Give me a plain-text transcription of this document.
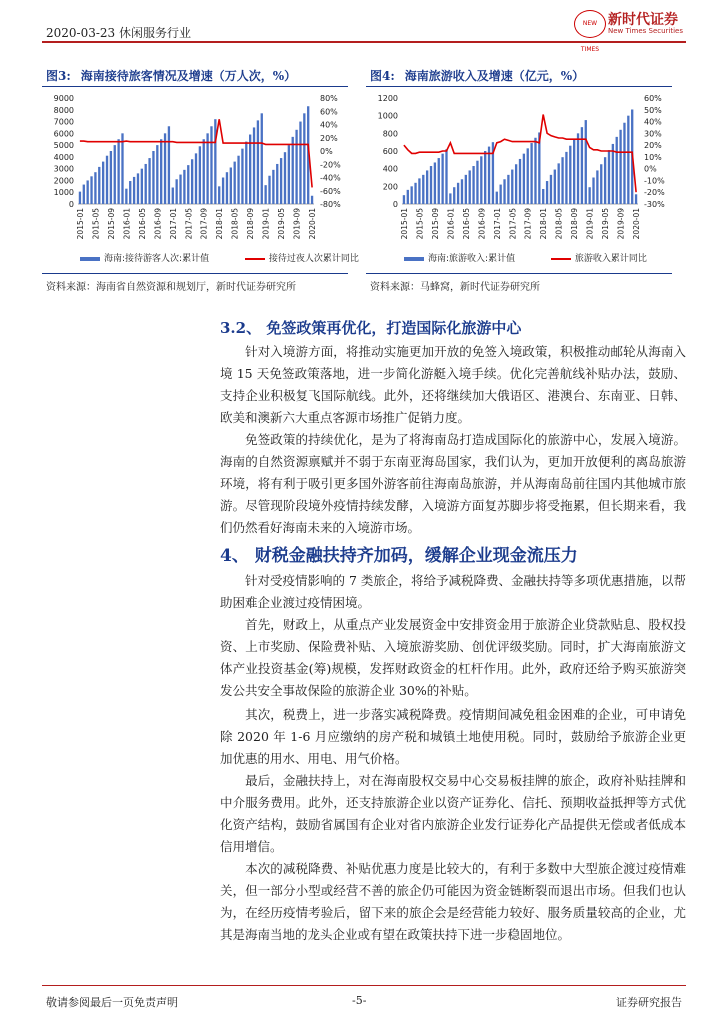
2020-03-23 休闲服务行业
NEW TIMES
新时代证券
New Times Securities
图3: 海南接待旅客情况及增速（万人次，%）
9000
8000
7000
6000
5000
4000
3000
2000
1000
0
80%
60%
40%
20%
0%
-20%
-40%
-60%
-80%
2015-01 2015-05 2015-09 2016-01 2016-05 2016-09 2017-01 2017-05 2017-09 2018-01 2018-05 2018-09 2019-01 2019-05 2019-09 2020-01
海南:接待游客人次:累计值	接待过夜人次累计同比
资料来源：海南省自然资源和规划厅，新时代证券研究所
图4: 海南旅游收入及增速（亿元，%）
1200
1000
800
600
400
200
0
60%
50%
40%
30%
20%
10%
0%
-10%
-20%
-30%
2015-01 2015-05 2015-09 2016-01 2016-05 2016-09 2017-01 2017-05 2017-09 2018-01 2018-05 2018-09 2019-01 2019-05 2019-09 2020-01
海南:旅游收入:累计值	旅游收入累计同比
资料来源：马蜂窝，新时代证券研究所
3.2、 免签政策再优化，打造国际化旅游中心
针对入境游方面，将推动实施更加开放的免签入境政策，积极推动邮轮从海南入境 15 天免签政策落地，进一步简化游艇入境手续。优化完善航线补贴办法，鼓励、支持企业积极复飞国际航线。此外，还将继续加大俄语区、港澳台、东南亚、日韩、欧美和澳新六大重点客源市场推广促销力度。
免签政策的持续优化，是为了将海南岛打造成国际化的旅游中心，发展入境游。海南的自然资源禀赋并不弱于东南亚海岛国家，我们认为，更加开放便利的离岛旅游环境，将有利于吸引更多国外游客前往海南岛旅游，并从海南岛前往国内其他城市旅游。尽管现阶段境外疫情持续发酵，入境游方面复苏脚步将受拖累，但长期来看，我们仍然看好海南未来的入境游市场。
4、 财税金融扶持齐加码，缓解企业现金流压力
针对受疫情影响的 7 类旅企，将给予减税降费、金融扶持等多项优惠措施，以帮助困难企业渡过疫情困境。
首先，财政上，从重点产业发展资金中安排资金用于旅游企业贷款贴息、股权投资、上市奖励、保险费补贴、入境旅游奖励、创优评级奖励。同时，扩大海南旅游文体产业投资基金(筹)规模，发挥财政资金的杠杆作用。此外，政府还给予购买旅游突发公共安全事故保险的旅游企业 30%的补贴。
其次，税费上，进一步落实减税降费。疫情期间减免租金困难的企业，可申请免除 2020 年 1-6 月应缴纳的房产税和城镇土地使用税。同时，鼓励给予旅游企业更加优惠的用水、用电、用气价格。
最后，金融扶持上，对在海南股权交易中心交易板挂牌的旅企，政府补贴挂牌和中介服务费用。此外，还支持旅游企业以资产证券化、信托、预期收益抵押等方式优化资产结构，鼓励省属国有企业对省内旅游企业发行证券化产品提供无偿或者低成本信用增信。
本次的减税降费、补贴优惠力度是比较大的，有利于多数中大型旅企渡过疫情难关，但一部分小型或经营不善的旅企仍可能因为资金链断裂而退出市场。但我们也认为，在经历疫情考验后，留下来的旅企会是经营能力较好、服务质量较高的企业，尤其是海南当地的龙头企业或有望在政策扶持下进一步稳固地位。
敬请参阅最后一页免责声明	-5-	证券研究报告
